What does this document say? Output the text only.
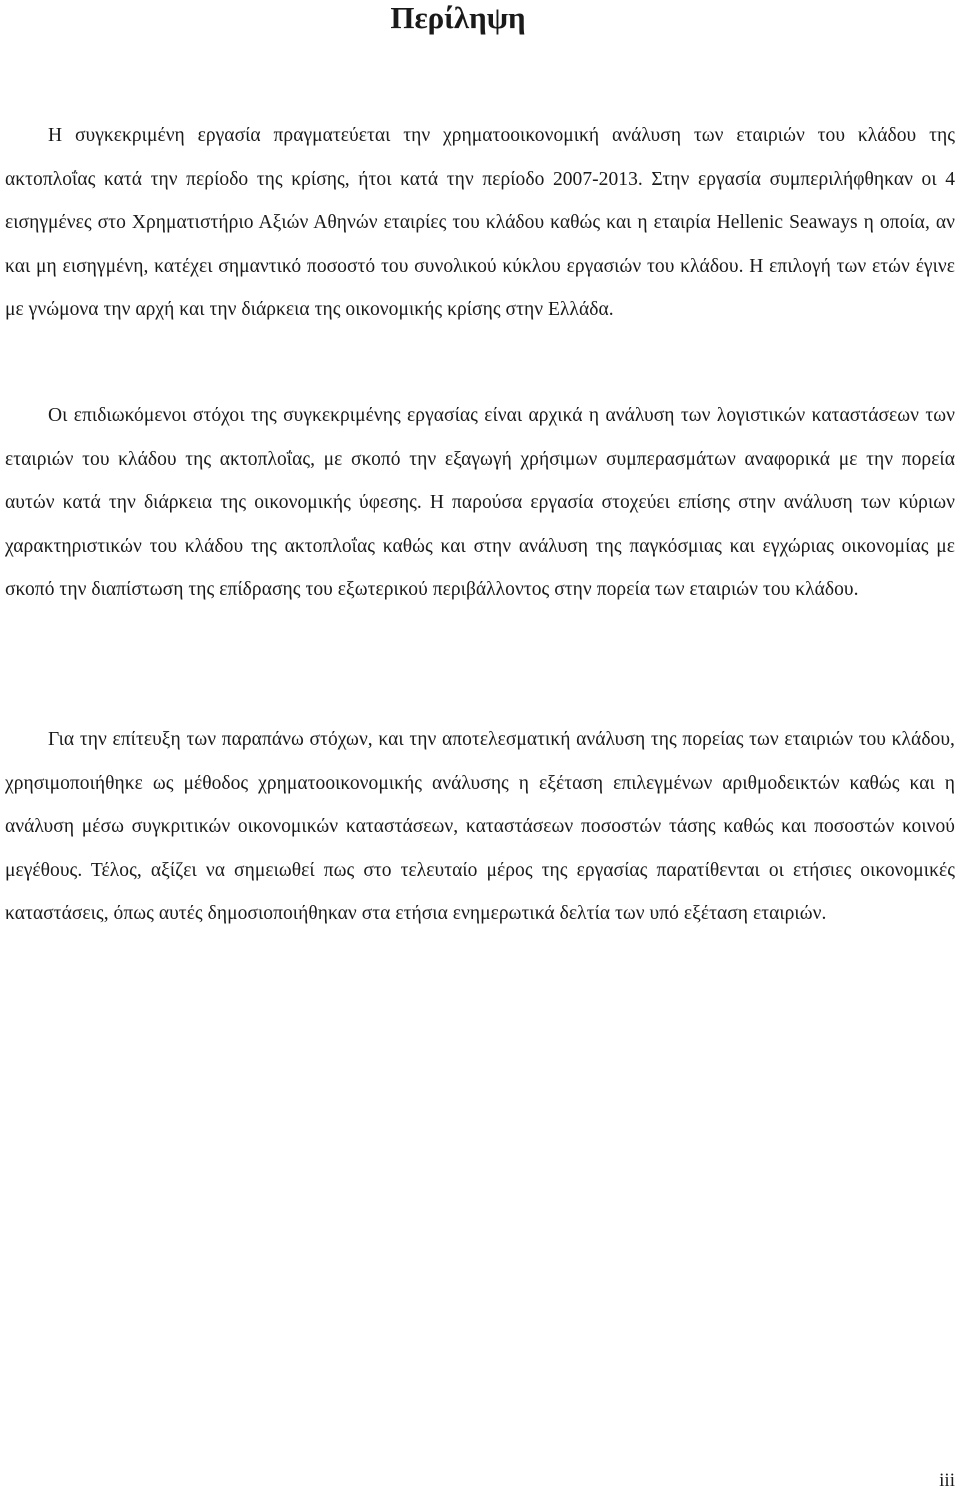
Περίληψη

Η συγκεκριμένη εργασία πραγματεύεται την χρηματοοικονομική ανάλυση των εταιριών του κλάδου της ακτοπλοΐας κατά την περίοδο της κρίσης, ήτοι κατά την περίοδο 2007-2013. Στην εργασία συμπεριλήφθηκαν οι 4 εισηγμένες στο Χρηματιστήριο Αξιών Αθηνών εταιρίες του κλάδου καθώς και η εταιρία Hellenic Seaways η οποία, αν και μη εισηγμένη, κατέχει σημαντικό ποσοστό του συνολικού κύκλου εργασιών του κλάδου. Η επιλογή των ετών έγινε με γνώμονα την αρχή και την διάρκεια της οικονομικής κρίσης στην Ελλάδα.

Οι επιδιωκόμενοι στόχοι της συγκεκριμένης εργασίας είναι αρχικά η ανάλυση των λογιστικών καταστάσεων των εταιριών του κλάδου της ακτοπλοΐας, με σκοπό την εξαγωγή χρήσιμων συμπερασμάτων αναφορικά με την πορεία αυτών κατά την διάρκεια της οικονομικής ύφεσης. Η παρούσα εργασία στοχεύει επίσης στην ανάλυση των κύριων χαρακτηριστικών του κλάδου της ακτοπλοΐας καθώς και στην ανάλυση της παγκόσμιας και εγχώριας οικονομίας με σκοπό την διαπίστωση της επίδρασης του εξωτερικού περιβάλλοντος στην πορεία των εταιριών του κλάδου.

Για την επίτευξη των παραπάνω στόχων, και την αποτελεσματική ανάλυση της πορείας των εταιριών του κλάδου, χρησιμοποιήθηκε ως μέθοδος χρηματοοικονομικής ανάλυσης η εξέταση επιλεγμένων αριθμοδεικτών καθώς και η ανάλυση μέσω συγκριτικών οικονομικών καταστάσεων, καταστάσεων ποσοστών τάσης καθώς και ποσοστών κοινού μεγέθους. Τέλος, αξίζει να σημειωθεί πως στο τελευταίο μέρος της εργασίας παρατίθενται οι ετήσιες οικονομικές καταστάσεις, όπως αυτές δημοσιοποιήθηκαν στα ετήσια ενημερωτικά δελτία των υπό εξέταση εταιριών.

iii
